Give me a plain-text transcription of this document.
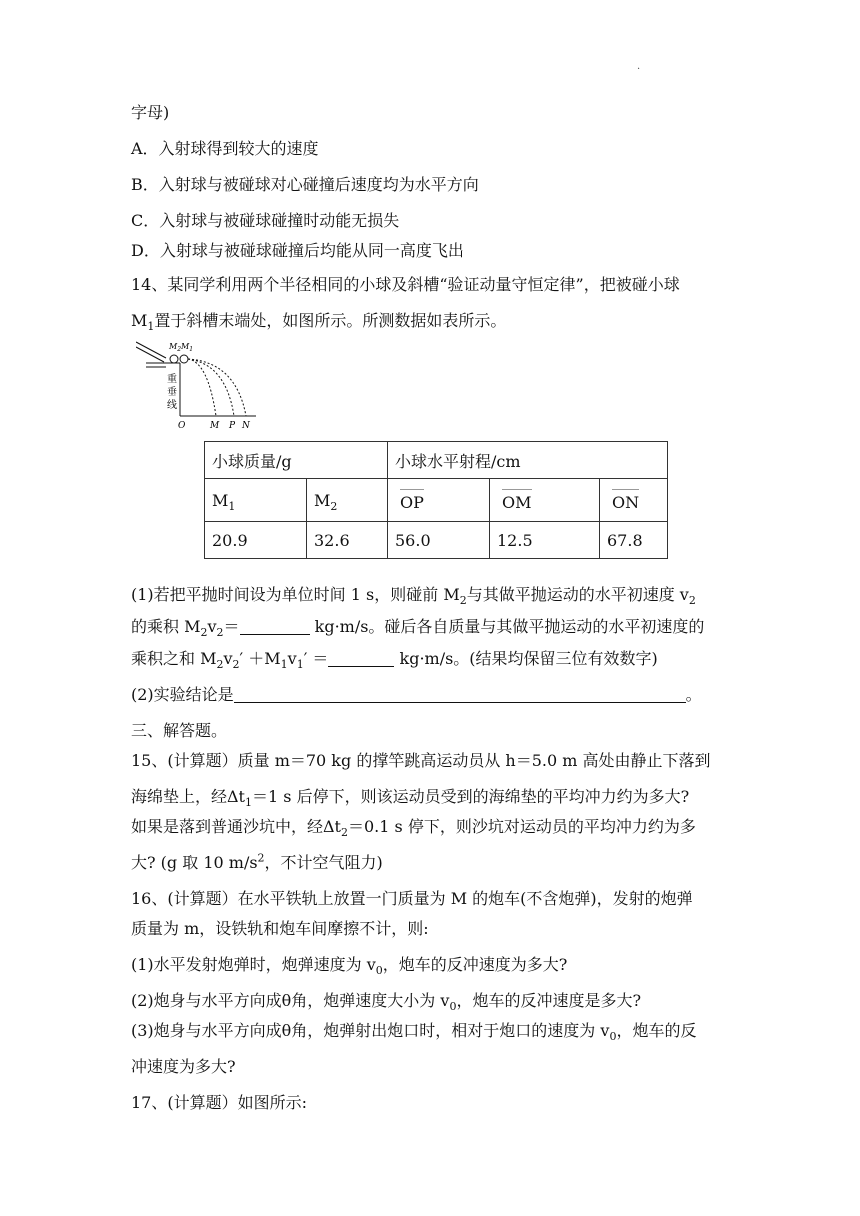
·
字母)
A．入射球得到较大的速度
B．入射球与被碰球对心碰撞后速度均为水平方向
C．入射球与被碰球碰撞时动能无损失
D．入射球与被碰球碰撞后均能从同一高度飞出
14、某同学利用两个半径相同的小球及斜槽“验证动量守恒定律”，把被碰小球
$M_1$置于斜槽末端处，如图所示。所测数据如表所示。
$M_2$ $M_1$
重
垂
线
O	M P N
小球质量/g		小球水平射程/cm		
$M_1$	$M_2$	OP	OM	ON
20.9	32.6	56.0	12.5	67.8
(1)若把平抛时间设为单位时间 1 s，则碰前 $M_2$与其做平抛运动的水平初速度 $v_2$
的乘积 $M_2v_2=$	kg·m/s。碰后各自质量与其做平抛运动的水平初速度的
乘积之和 $M_2v_2' +M_1v_1'$ ＝	kg·m/s。(结果均保留三位有效数字)
(2)实验结论是	。
三、解答题。
15、(计算题）质量 m＝70 kg 的撑竿跳高运动员从 h＝5.0 m 高处由静止下落到
海绵垫上，经$\Delta t_1=1$ s 后停下，则该运动员受到的海绵垫的平均冲力约为多大?
如果是落到普通沙坑中，经$\Delta t_2=0.1$ s 停下，则沙坑对运动员的平均冲力约为多
大? (g 取 10 $m/s^2$，不计空气阻力)
16、(计算题）在水平铁轨上放置一门质量为 M 的炮车(不含炮弹)，发射的炮弹
质量为 m，设铁轨和炮车间摩擦不计，则:
(1)水平发射炮弹时，炮弹速度为 $v_0$，炮车的反冲速度为多大?
(2)炮身与水平方向成θ角，炮弹速度大小为 $v_0$，炮车的反冲速度是多大?
(3)炮身与水平方向成θ角，炮弹射出炮口时，相对于炮口的速度为 $v_0$，炮车的反
冲速度为多大?
17、(计算题）如图所示:
